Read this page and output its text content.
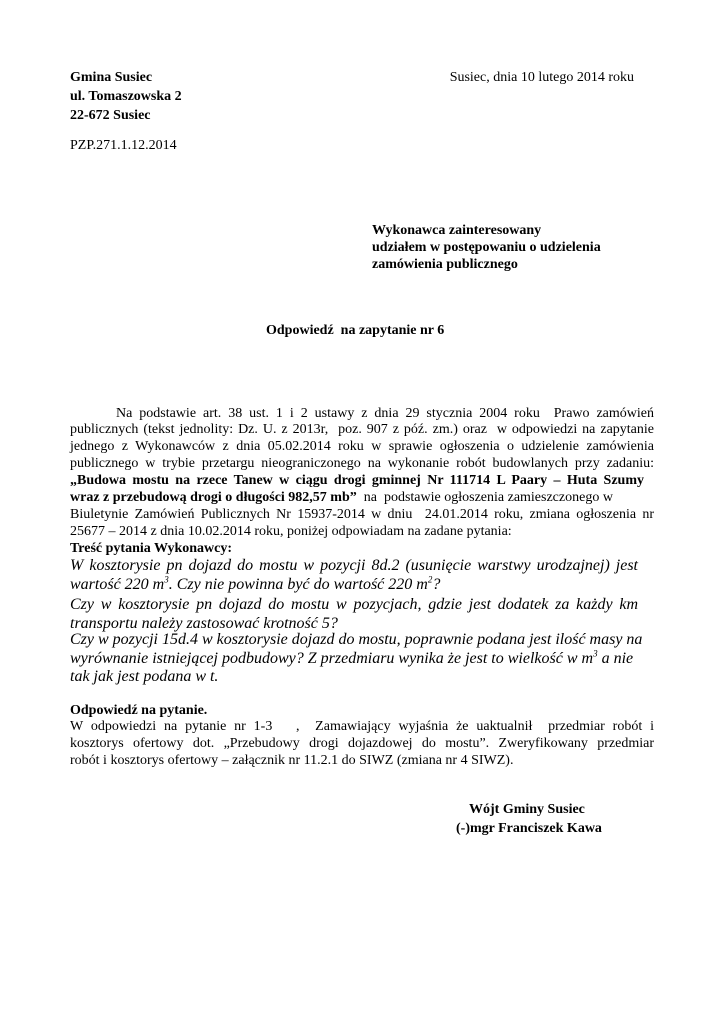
Gmina Susiec
ul. Tomaszowska 2
22-672 Susiec
Susiec, dnia 10 lutego 2014 roku
PZP.271.1.12.2014
Wykonawca zainteresowany
udziałem w postępowaniu o udzielenia
zamówienia publicznego
Odpowiedź  na zapytanie nr 6
Na podstawie art. 38 ust. 1 i 2 ustawy z dnia 29 stycznia 2004 roku  Prawo zamówień
publicznych (tekst jednolity: Dz. U. z 2013r,  poz. 907 z póź. zm.) oraz  w odpowiedzi na zapytanie
jednego z Wykonawców z dnia 05.02.2014 roku w sprawie ogłoszenia o udzielenie zamówienia
publicznego w trybie przetargu nieograniczonego na wykonanie robót budowlanych przy zadaniu:
„Budowa mostu na rzece Tanew w ciągu drogi gminnej Nr 111714 L Paary – Huta Szumy
wraz z przebudową drogi o długości 982,57 mb”  na  podstawie ogłoszenia zamieszczonego w
Biuletynie Zamówień Publicznych Nr 15937-2014 w dniu  24.01.2014 roku, zmiana ogłoszenia nr
25677 – 2014 z dnia 10.02.2014 roku, poniżej odpowiadam na zadane pytania:
Treść pytania Wykonawcy:
W kosztorysie pn dojazd do mostu w pozycji 8d.2 (usunięcie warstwy urodzajnej) jest
wartość 220 $m^3$. Czy nie powinna być do wartość 220 $m^2$?
Czy w kosztorysie pn dojazd do mostu w pozycjach, gdzie jest dodatek za każdy km
transportu należy zastosować krotność 5?
Czy w pozycji 15d.4 w kosztorysie dojazd do mostu, poprawnie podana jest ilość masy na
wyrównanie istniejącej podbudowy? Z przedmiaru wynika że jest to wielkość w $m^3$ a nie
tak jak jest podana w t.
Odpowiedź na pytanie.
W odpowiedzi na pytanie nr 1-3   ,  Zamawiający wyjaśnia że uaktualnił  przedmiar robót i
kosztorys ofertowy dot. „Przebudowy drogi dojazdowej do mostu”. Zweryfikowany przedmiar
robót i kosztorys ofertowy – załącznik nr 11.2.1 do SIWZ (zmiana nr 4 SIWZ).
Wójt Gminy Susiec
(-)mgr Franciszek Kawa
